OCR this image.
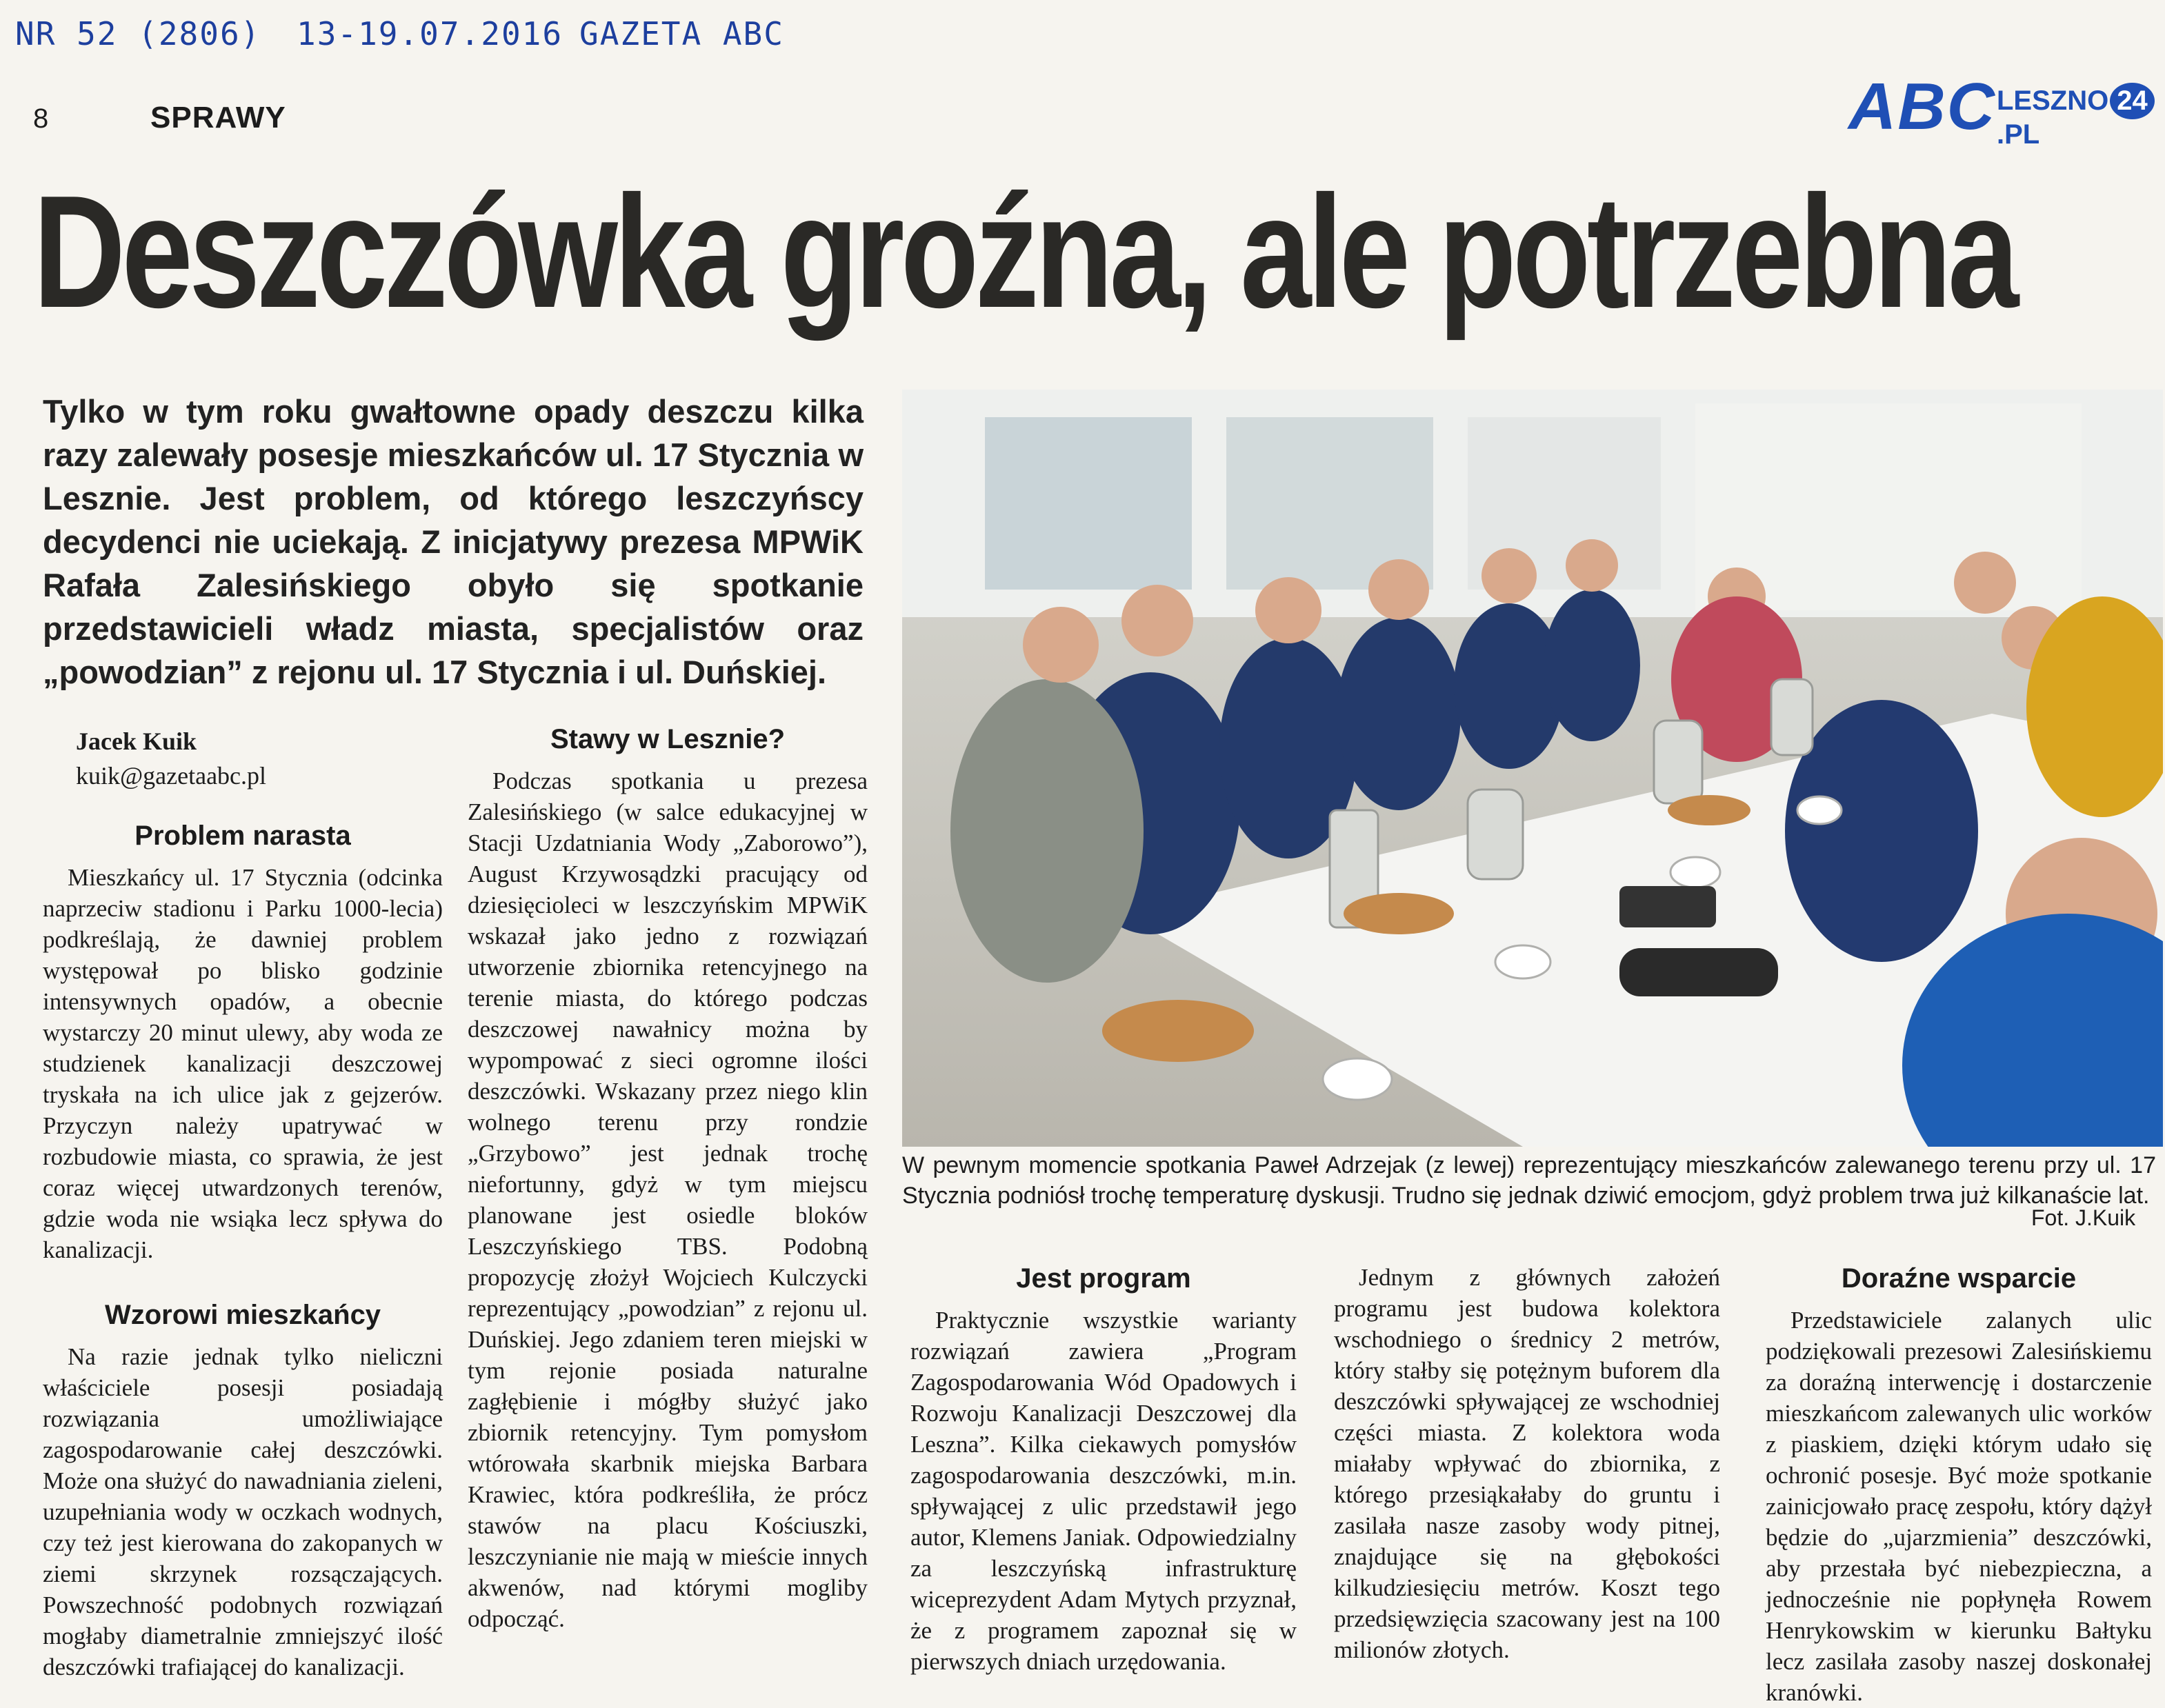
NR 52 (2806) 13-19.07.2016 GAZETA ABC
8	SPRAWY	ABC LESZNO 24.PL
Deszczówka groźna, ale potrzebna
Tylko w tym roku gwałtowne opady deszczu kilka razy zalewały posesje mieszkańców ul. 17 Stycznia w Lesznie. Jest problem, od którego leszczyńscy decydenci nie uciekają. Z inicjatywy prezesa MPWiK Rafała Zalesińskiego obyło się spotkanie przedstawicieli władz miasta, specjalistów oraz „powodzian” z rejonu ul. 17 Stycznia i ul. Duńskiej.
Jacek Kuik
kuik@gazetaabc.pl
Problem narasta

Mieszkańcy ul. 17 Stycznia (odcinka naprzeciw stadionu i Parku 1000-lecia) podkreślają, że dawniej problem występował po blisko godzinie intensywnych opadów, a obecnie wystarczy 20 minut ulewy, aby woda ze studzienek kanalizacji deszczowej tryskała na ich ulice jak z gejzerów. Przyczyn należy upatrywać w rozbudowie miasta, co sprawia, że jest coraz więcej utwardzonych terenów, gdzie woda nie wsiąka lecz spływa do kanalizacji.

Wzorowi mieszkańcy

Na razie jednak tylko nieliczni właściciele posesji posiadają rozwiązania umożliwiające zagospodarowanie całej deszczówki. Może ona służyć do nawadniania zieleni, uzupełniania wody w oczkach wodnych, czy też jest kierowana do zakopanych w ziemi skrzynek rozsączających. Powszechność podobnych rozwiązań mogłaby diametralnie zmniejszyć ilość deszczówki trafiającej do kanalizacji.

Stawy w Lesznie?

Podczas spotkania u prezesa Zalesińskiego (w salce edukacyjnej w Stacji Uzdatniania Wody „Zaborowo”), August Krzywosądzki pracujący od dziesięcioleci w leszczyńskim MPWiK wskazał jako jedno z rozwiązań utworzenie zbiornika retencyjnego na terenie miasta, do którego podczas deszczowej nawałnicy można by wypompować z sieci ogromne ilości deszczówki. Wskazany przez niego klin wolnego terenu przy rondzie „Grzybowo” jest jednak trochę niefortunny, gdyż w tym miejscu planowane jest osiedle bloków Leszczyńskiego TBS. Podobną propozycję złożył Wojciech Kulczycki reprezentujący „powodzian” z rejonu ul. Duńskiej. Jego zdaniem teren miejski w tym rejonie posiada naturalne zagłębienie i mógłby służyć jako zbiornik retencyjny. Tym pomysłom wtórowała skarbnik miejska Barbara Krawiec, która podkreśliła, że prócz stawów na placu Kościuszki, leszczynianie nie mają w mieście innych akwenów, nad którymi mogliby odpocząć.

W pewnym momencie spotkania Paweł Adrzejak (z lewej) reprezentujący mieszkańców zalewanego terenu przy ul. 17 Stycznia podniósł trochę temperaturę dyskusji. Trudno się jednak dziwić emocjom, gdyż problem trwa już kilkanaście lat.
Fot. J.Kuik
Jest program

Praktycznie wszystkie warianty rozwiązań zawiera „Program Zagospodarowania Wód Opadowych i Rozwoju Kanalizacji Deszczowej dla Leszna”. Kilka ciekawych pomysłów zagospodarowania deszczówki, m.in. spływającej z ulic przedstawił jego autor, Klemens Janiak. Odpowiedzialny za leszczyńską infrastrukturę wiceprezydent Adam Mytych przyznał, że z programem zapoznał się w pierwszych dniach urzędowania.

Jednym z głównych założeń programu jest budowa kolektora wschodniego o średnicy 2 metrów, który stałby się potężnym buforem dla deszczówki spływającej ze wschodniej części miasta. Z kolektora woda miałaby wpływać do zbiornika, z którego przesiąkałaby do gruntu i zasilała nasze zasoby wody pitnej, znajdujące się na głębokości kilkudziesięciu metrów. Koszt tego przedsięwzięcia szacowany jest na 100 milionów złotych.

Doraźne wsparcie

Przedstawiciele zalanych ulic podziękowali prezesowi Zalesińskiemu za doraźną interwencję i dostarczenie mieszkańcom zalewanych ulic worków z piaskiem, dzięki którym udało się ochronić posesje. Być może spotkanie zainicjowało pracę zespołu, który dążył będzie do „ujarzmienia” deszczówki, aby przestała być niebezpieczna, a jednocześnie nie popłynęła Rowem Henrykowskim w kierunku Bałtyku lecz zasilała zasoby naszej doskonałej kranówki.
